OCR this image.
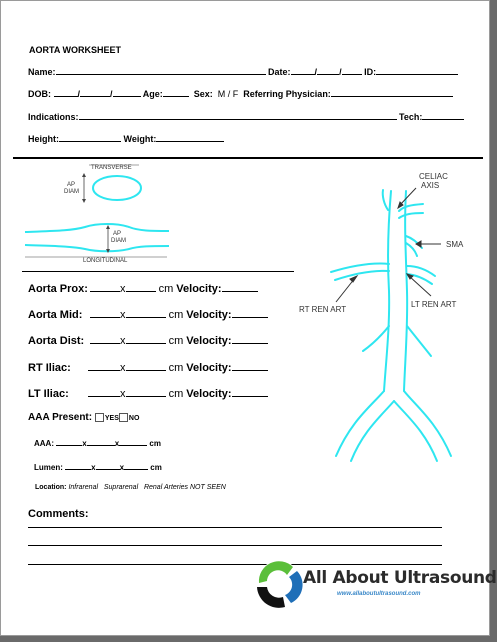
AORTA WORKSHEET
Name:	Date:	/ /	ID:
DOB:	/	/	Age:	Sex: M / F Referring Physician:
Indications:	Tech:
Height:	Weight:
TRANSVERSE
AP
DIAM
AP
DIAM
LONGITUDINAL
Aorta Prox:	x	cm Velocity:
Aorta Mid:	x	cm Velocity:
Aorta Dist:	x	cm Velocity:
RT Iliac:	x	cm Velocity:
LT Iliac:	x	cm Velocity:
AAA Present: YES NO
AAA:	x	x	cm
Lumen:	x	x	cm
Location: Infrarenal Suprarenal Renal Arteries NOT SEEN
Comments:
CELIAC
AXIS
SMA
LT REN ART
RT REN ART
All About Ultrasound
www.allaboutultrasound.com
